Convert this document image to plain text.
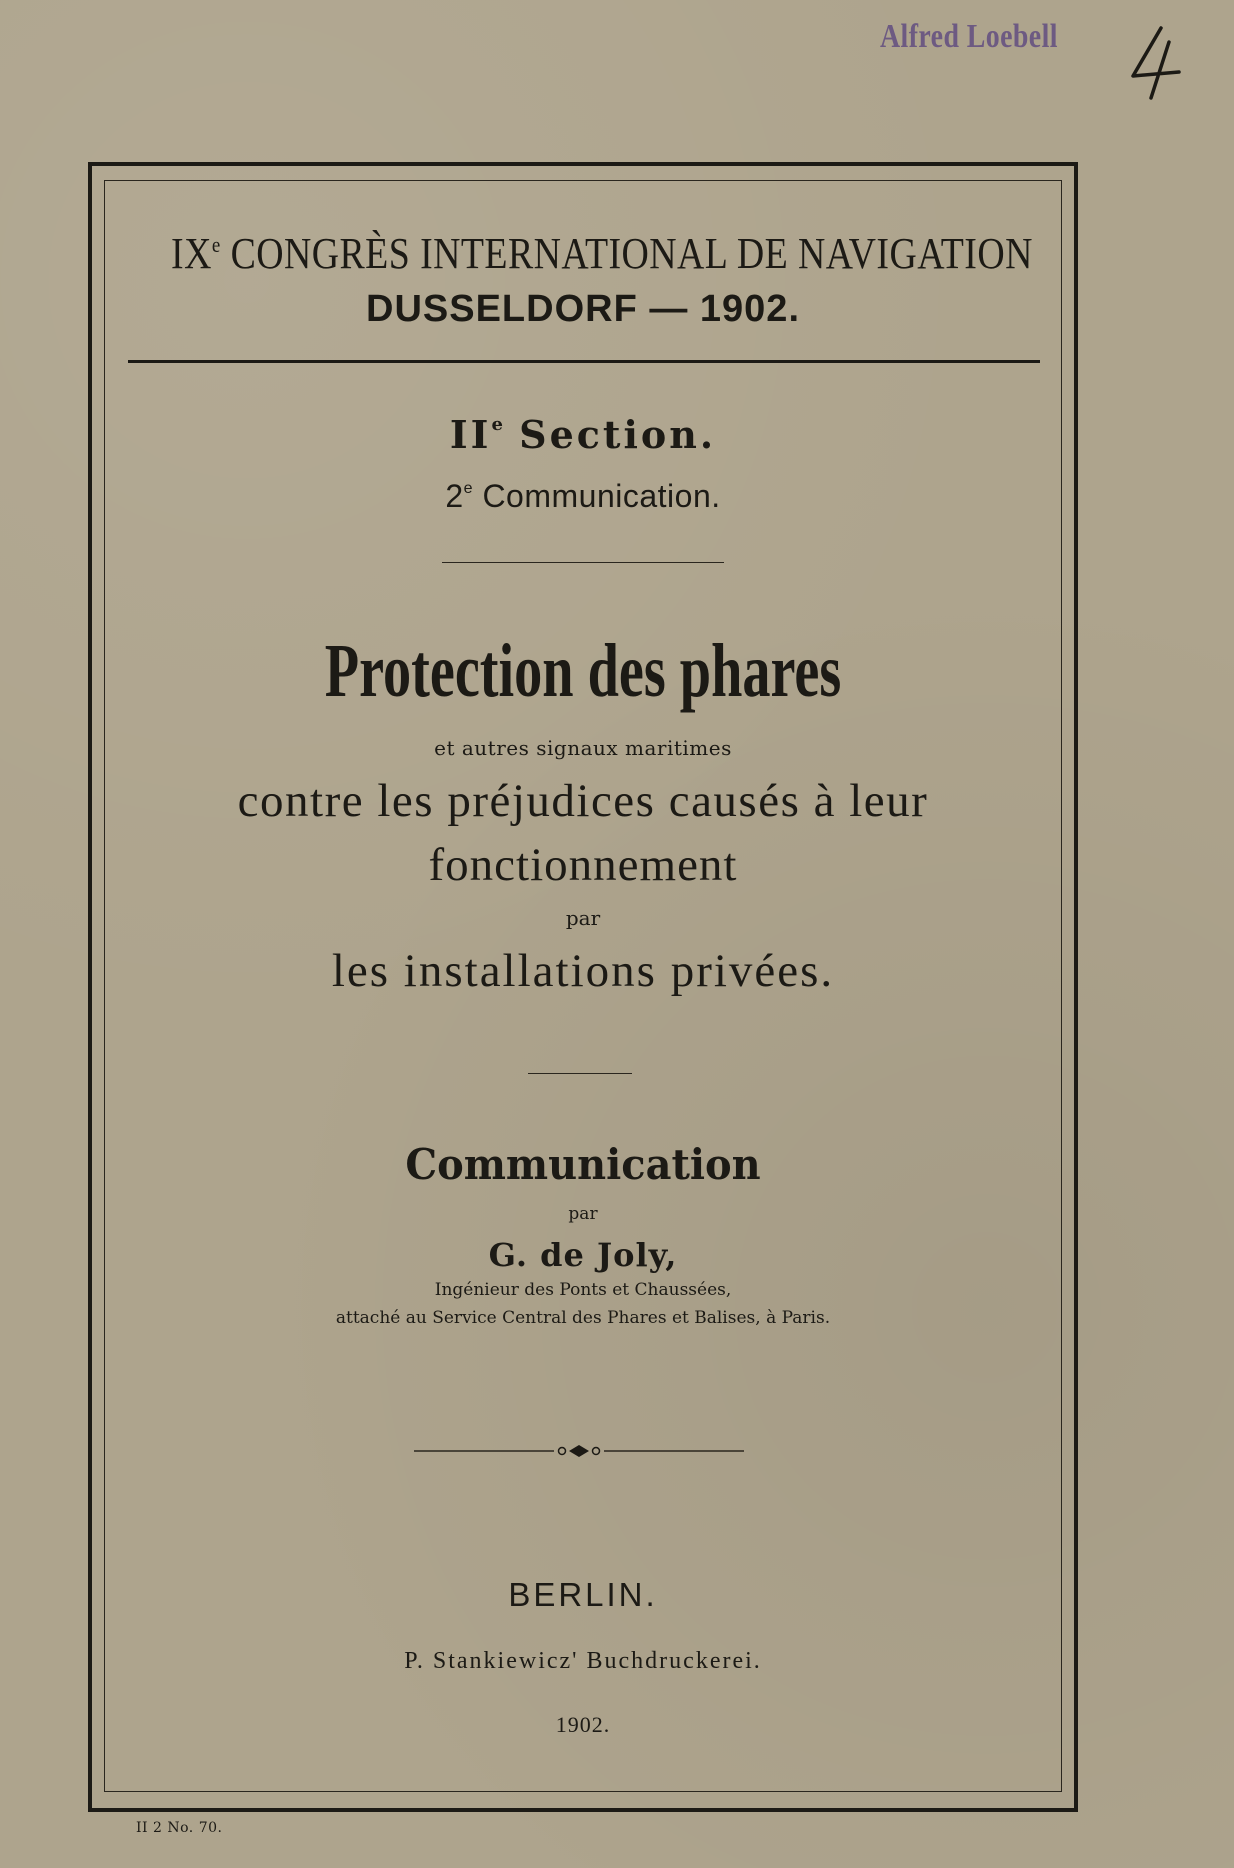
Alfred Loebell
IXe CONGRÈS INTERNATIONAL DE NAVIGATION
DUSSELDORF — 1902.
IIe Section.
2e Communication.
Protection des phares
et autres signaux maritimes
contre les préjudices causés à leur
fonctionnement
par
les installations privées.
Communication
par
G. de Joly,
Ingénieur des Ponts et Chaussées,
attaché au Service Central des Phares et Balises, à Paris.
BERLIN.
P. Stankiewicz' Buchdruckerei.
1902.
II 2 No. 70.
